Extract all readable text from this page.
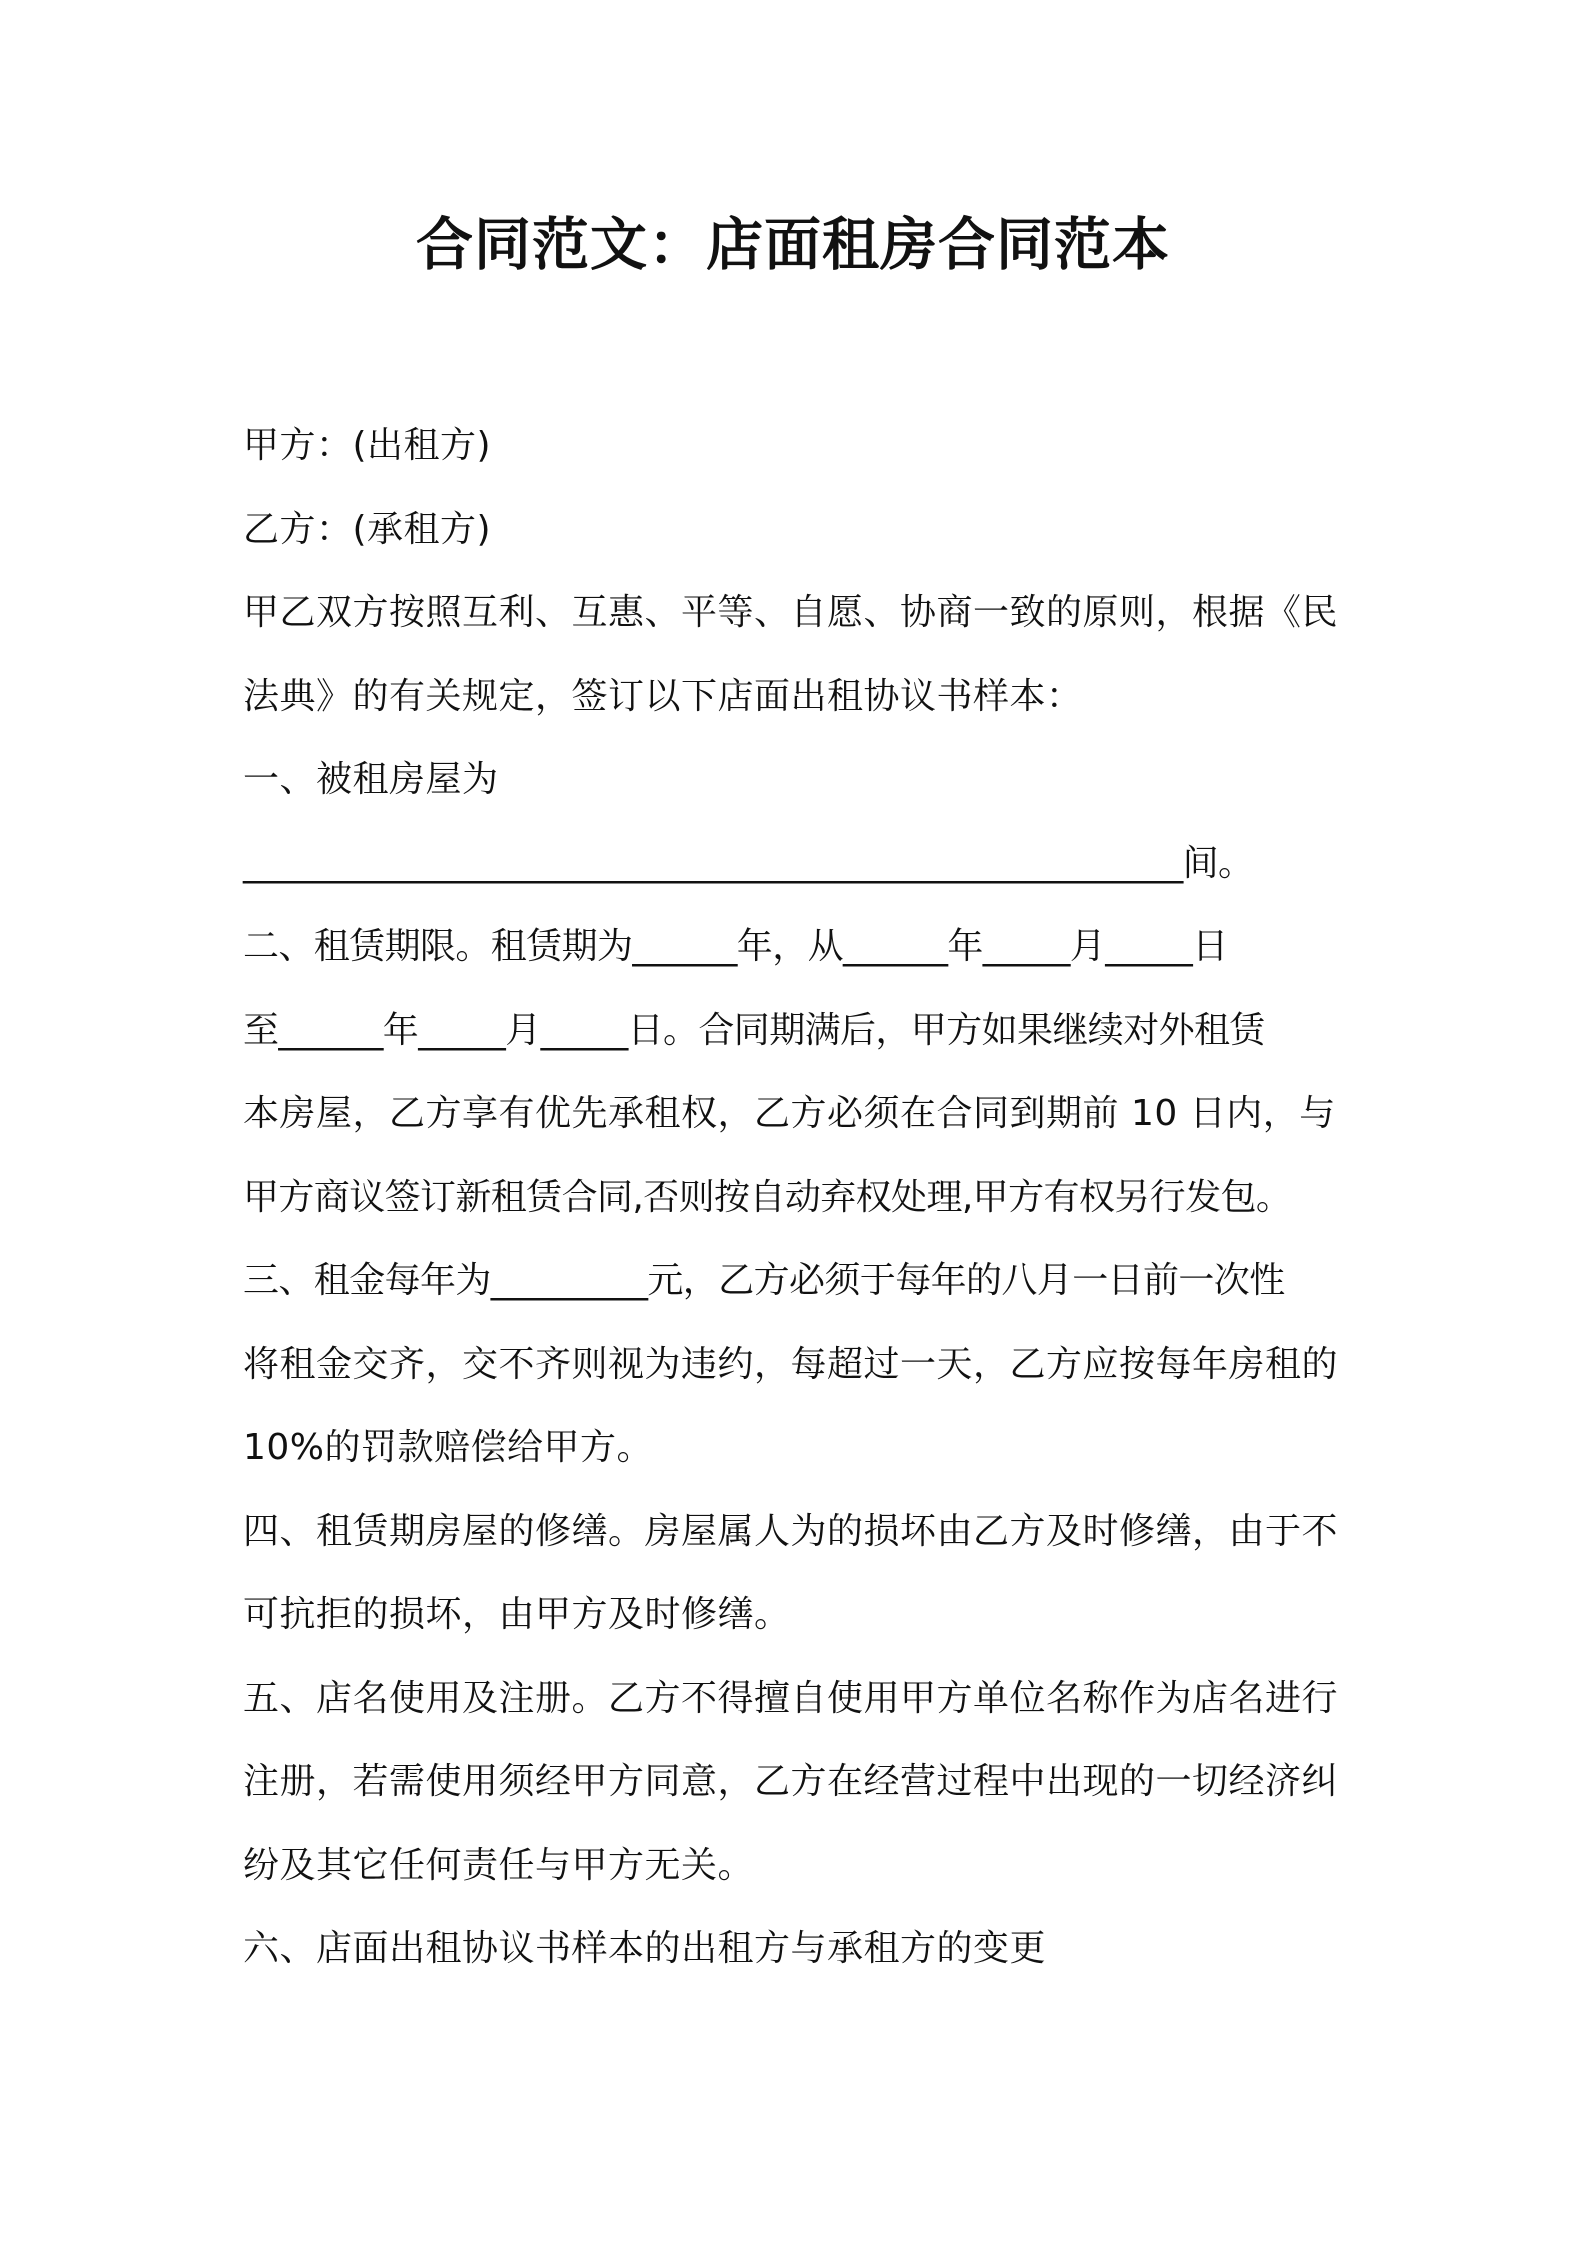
合同范文：店面租房合同范本
甲方：(出租方)
乙方：(承租方)
甲乙双方按照互利、互惠、平等、自愿、协商一致的原则，根据《民
法典》的有关规定，签订以下店面出租协议书样本：
一、被租房屋为
______________________________________________________间。
二、租赁期限。租赁期为______年，从______年_____月_____日
至______年_____月_____日。合同期满后，甲方如果继续对外租赁
本房屋，乙方享有优先承租权，乙方必须在合同到期前 10 日内，与
甲方商议签订新租赁合同,否则按自动弃权处理,甲方有权另行发包。
三、租金每年为_________元，乙方必须于每年的八月一日前一次性
将租金交齐，交不齐则视为违约，每超过一天，乙方应按每年房租的
10%的罚款赔偿给甲方。
四、租赁期房屋的修缮。房屋属人为的损坏由乙方及时修缮，由于不
可抗拒的损坏，由甲方及时修缮。
五、店名使用及注册。乙方不得擅自使用甲方单位名称作为店名进行
注册，若需使用须经甲方同意，乙方在经营过程中出现的一切经济纠
纷及其它任何责任与甲方无关。
六、店面出租协议书样本的出租方与承租方的变更
